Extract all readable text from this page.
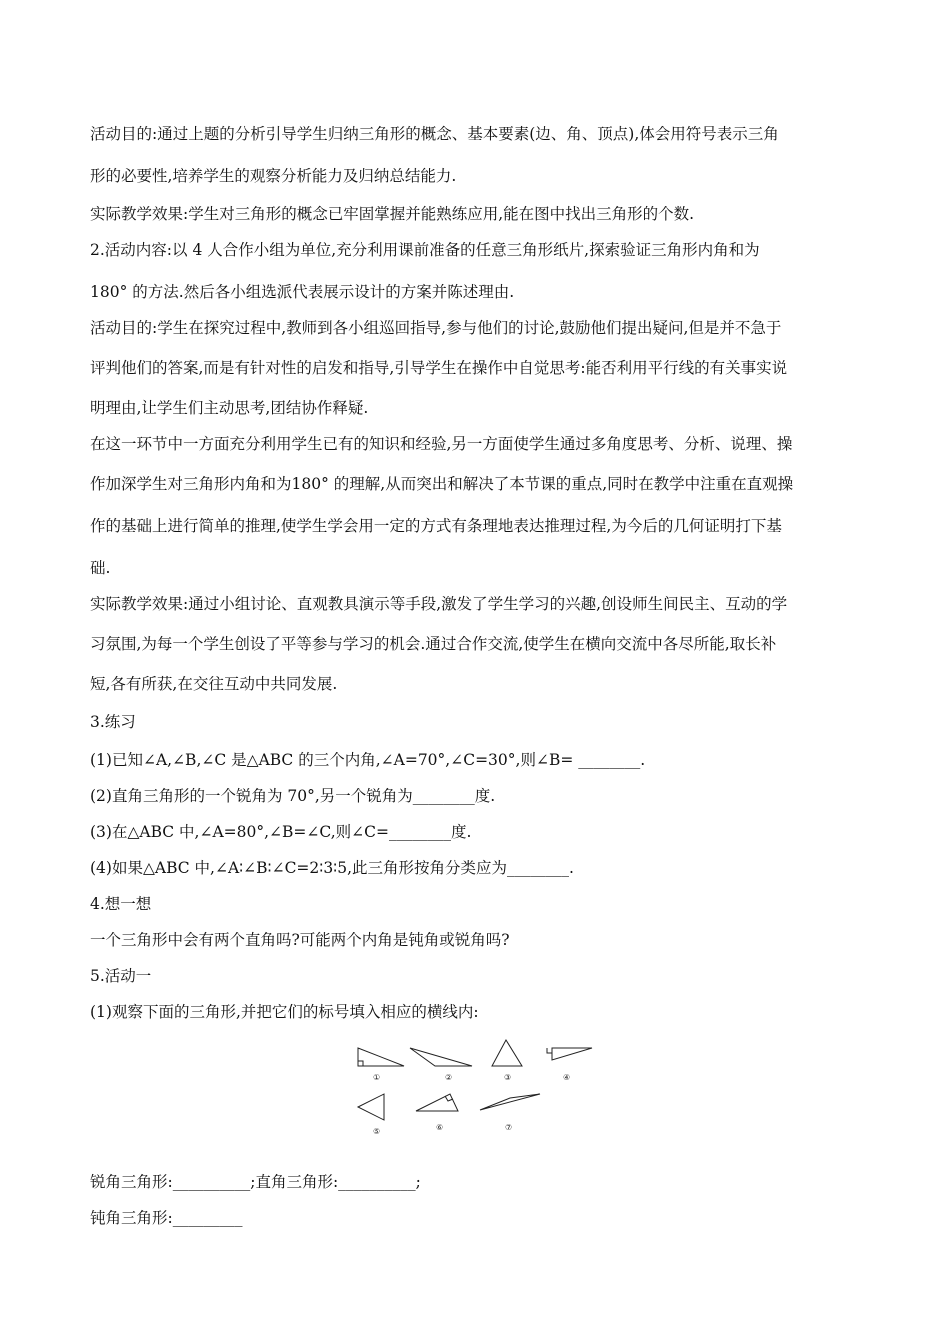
活动目的:通过上题的分析引导学生归纳三角形的概念、基本要素(边、角、顶点),体会用符号表示三角
形的必要性,培养学生的观察分析能力及归纳总结能力.
实际教学效果:学生对三角形的概念已牢固掌握并能熟练应用,能在图中找出三角形的个数.
2.活动内容:以 4 人合作小组为单位,充分利用课前准备的任意三角形纸片,探索验证三角形内角和为
180° 的方法.然后各小组选派代表展示设计的方案并陈述理由.
活动目的:学生在探究过程中,教师到各小组巡回指导,参与他们的讨论,鼓励他们提出疑问,但是并不急于
评判他们的答案,而是有针对性的启发和指导,引导学生在操作中自觉思考:能否利用平行线的有关事实说
明理由,让学生们主动思考,团结协作释疑.
在这一环节中一方面充分利用学生已有的知识和经验,另一方面使学生通过多角度思考、分析、说理、操
作加深学生对三角形内角和为180° 的理解,从而突出和解决了本节课的重点,同时在教学中注重在直观操
作的基础上进行简单的推理,使学生学会用一定的方式有条理地表达推理过程,为今后的几何证明打下基
础.
实际教学效果:通过小组讨论、直观教具演示等手段,激发了学生学习的兴趣,创设师生间民主、互动的学
习氛围,为每一个学生创设了平等参与学习的机会.通过合作交流,使学生在横向交流中各尽所能,取长补
短,各有所获,在交往互动中共同发展.
3.练习
(1)已知∠A,∠B,∠C 是△ABC 的三个内角,∠A=70°,∠C=30°,则∠B= ________.
(2)直角三角形的一个锐角为 70°,另一个锐角为________度.
(3)在△ABC 中,∠A=80°,∠B=∠C,则∠C=________度.
(4)如果△ABC 中,∠A∶∠B∶∠C=2∶3∶5,此三角形按角分类应为________.
4.想一想
一个三角形中会有两个直角吗?可能两个内角是钝角或锐角吗?
5.活动一
(1)观察下面的三角形,并把它们的标号填入相应的横线内:
①	②	③	④
⑤	⑥	⑦
锐角三角形:__________;直角三角形:__________;
钝角三角形:_________
